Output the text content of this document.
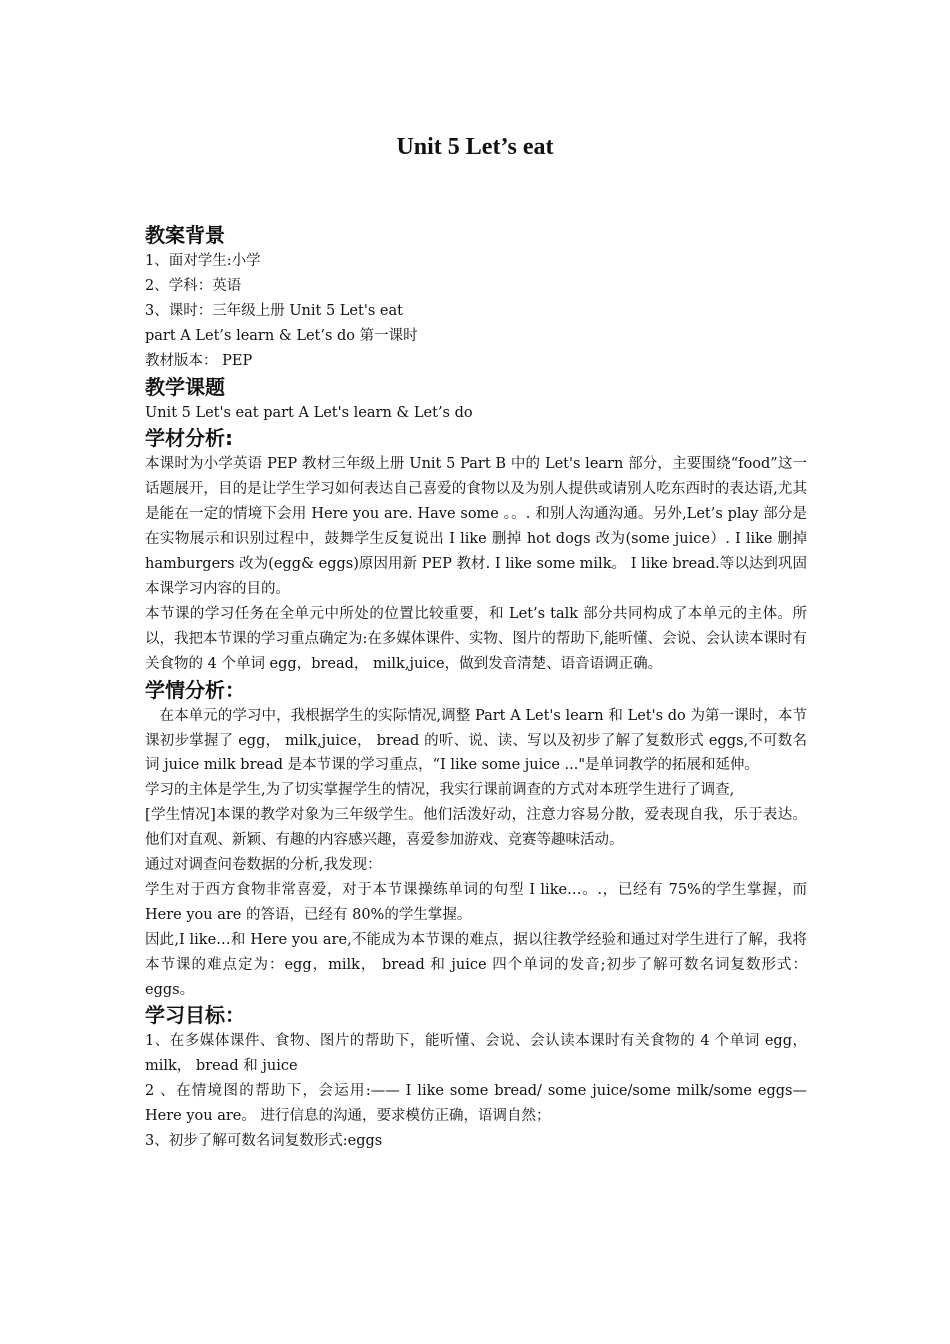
Unit 5 Let’s eat
教案背景

1、面对学生:小学

2、学科：英语

3、课时：三年级上册 Unit 5 Let's eat

part A Let’s learn & Let’s do 第一课时

教材版本： PEP

教学课题

Unit 5 Let's eat part A Let's learn & Let’s do

学材分析:

本课时为小学英语 PEP 教材三年级上册 Unit 5 Part B 中的 Let's learn 部分，主要围绕“food”这一话题展开，目的是让学生学习如何表达自己喜爱的食物以及为别人提供或请别人吃东西时的表达语,尤其是能在一定的情境下会用 Here you are. Have some 。。. 和别人沟通沟通。另外,Let’s play 部分是在实物展示和识别过程中，鼓舞学生反复说出 I like 删掉 hot dogs 改为(some juice）. I like 删掉 hamburgers 改为(egg& eggs)原因用新 PEP 教材. I like some milk。 I like bread.等以达到巩固本课学习内容的目的。

本节课的学习任务在全单元中所处的位置比较重要，和 Let’s talk 部分共同构成了本单元的主体。所以，我把本节课的学习重点确定为:在多媒体课件、实物、图片的帮助下,能听懂、会说、会认读本课时有关食物的 4 个单词 egg，bread， milk,juice，做到发音清楚、语音语调正确。

学情分析：

在本单元的学习中，我根据学生的实际情况,调整 Part A Let's learn 和 Let's do 为第一课时，本节课初步掌握了 egg， milk,juice， bread 的听、说、读、写以及初步了解了复数形式 eggs,不可数名词 juice milk bread 是本节课的学习重点，“I like some juice ..."是单词教学的拓展和延伸。

学习的主体是学生,为了切实掌握学生的情况，我实行课前调查的方式对本班学生进行了调查,

[学生情况]本课的教学对象为三年级学生。他们活泼好动，注意力容易分散，爱表现自我，乐于表达。他们对直观、新颖、有趣的内容感兴趣，喜爱参加游戏、竞赛等趣味活动。

通过对调查问卷数据的分析,我发现：

学生对于西方食物非常喜爱，对于本节课操练单词的句型 I like…。.，已经有 75%的学生掌握，而 Here you are 的答语，已经有 80%的学生掌握。

因此,I like…和 Here you are,不能成为本节课的难点，据以往教学经验和通过对学生进行了解，我将本节课的难点定为：egg，milk， bread 和 juice 四个单词的发音;初步了解可数名词复数形式：eggs。

学习目标：

1、在多媒体课件、食物、图片的帮助下，能听懂、会说、会认读本课时有关食物的 4 个单词 egg，milk， bread 和 juice

2 、在情境图的帮助下，会运用:—— I like some bread/ some juice/some milk/some eggs—Here you are。 进行信息的沟通，要求模仿正确，语调自然；

3、初步了解可数名词复数形式:eggs
